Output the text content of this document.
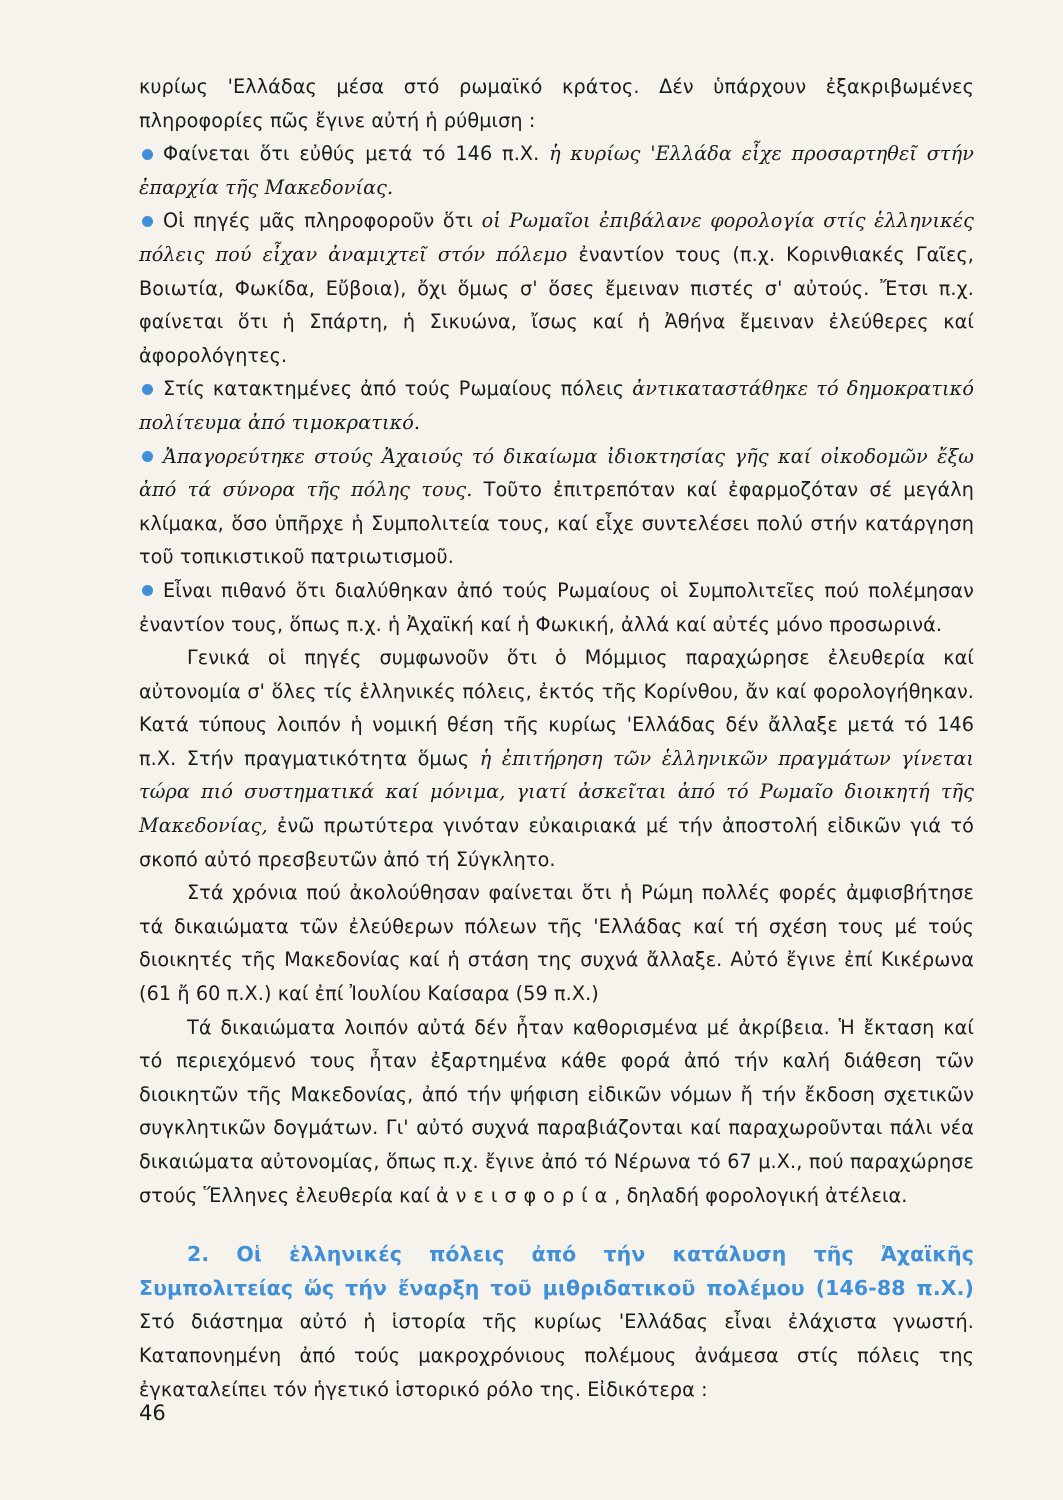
κυρίως 'Ελλάδας μέσα στό ρωμαϊκό κράτος. Δέν ὑπάρχουν ἐξακριβωμένες πληροφορίες πῶς ἔγινε αὐτή ἡ ρύθμιση :

Φαίνεται ὅτι εὐθύς μετά τό 146 π.Χ. ἡ κυρίως 'Ελλάδα εἶχε προσαρτηθεῖ στήν ἐπαρχία τῆς Μακεδονίας.

Οἱ πηγές μᾶς πληροφοροῦν ὅτι οἱ Ρωμαῖοι ἐπιβάλανε φορολογία στίς ἑλληνικές πόλεις πού εἶχαν ἀναμιχτεῖ στόν πόλεμο ἐναντίον τους (π.χ. Κορινθιακές Γαῖες, Βοιωτία, Φωκίδα, Εὔβοια), ὄχι ὅμως σ' ὅσες ἔμειναν πιστές σ' αὐτούς. Ἔτσι π.χ. φαίνεται ὅτι ἡ Σπάρτη, ἡ Σικυώνα, ἴσως καί ἡ Ἀθήνα ἔμειναν ἐλεύθερες καί ἀφορολόγητες.

Στίς κατακτημένες ἀπό τούς Ρωμαίους πόλεις ἀντικαταστάθηκε τό δημοκρατικό πολίτευμα ἀπό τιμοκρατικό.

Ἀπαγορεύτηκε στούς Ἀχαιούς τό δικαίωμα ἰδιοκτησίας γῆς καί οἰκοδομῶν ἔξω ἀπό τά σύνορα τῆς πόλης τους. Τοῦτο ἐπιτρεπόταν καί ἐφαρμοζόταν σέ μεγάλη κλίμακα, ὅσο ὑπῆρχε ἡ Συμπολιτεία τους, καί εἶχε συντελέσει πολύ στήν κατάργηση τοῦ τοπικιστικοῦ πατριωτισμοῦ.

Εἶναι πιθανό ὅτι διαλύθηκαν ἀπό τούς Ρωμαίους οἱ Συμπολιτεῖες πού πολέμησαν ἐναντίον τους, ὅπως π.χ. ἡ Ἀχαϊκή καί ἡ Φωκική, ἀλλά καί αὐτές μόνο προσωρινά.

Γενικά οἱ πηγές συμφωνοῦν ὅτι ὁ Μόμμιος παραχώρησε ἐλευθερία καί αὐτονομία σ' ὅλες τίς ἑλληνικές πόλεις, ἐκτός τῆς Κορίνθου, ἄν καί φορολογήθηκαν. Κατά τύπους λοιπόν ἡ νομική θέση τῆς κυρίως 'Ελλάδας δέν ἄλλαξε μετά τό 146 π.Χ. Στήν πραγματικότητα ὅμως ἡ ἐπιτήρηση τῶν ἑλληνικῶν πραγμάτων γίνεται τώρα πιό συστηματικά καί μόνιμα, γιατί ἀσκεῖται ἀπό τό Ρωμαῖο διοικητή τῆς Μακεδονίας, ἐνῶ πρωτύτερα γινόταν εὐκαιριακά μέ τήν ἀποστολή εἰδικῶν γιά τό σκοπό αὐτό πρεσβευτῶν ἀπό τή Σύγκλητο.

Στά χρόνια πού ἀκολούθησαν φαίνεται ὅτι ἡ Ρώμη πολλές φορές ἀμφισβήτησε τά δικαιώματα τῶν ἐλεύθερων πόλεων τῆς 'Ελλάδας καί τή σχέση τους μέ τούς διοικητές τῆς Μακεδονίας καί ἡ στάση της συχνά ἄλλαξε. Αὐτό ἔγινε ἐπί Κικέρωνα (61 ἤ 60 π.Χ.) καί ἐπί Ἰουλίου Καίσαρα (59 π.Χ.)

Τά δικαιώματα λοιπόν αὐτά δέν ἦταν καθορισμένα μέ ἀκρίβεια. Ἡ ἔκταση καί τό περιεχόμενό τους ἦταν ἐξαρτημένα κάθε φορά ἀπό τήν καλή διάθεση τῶν διοικητῶν τῆς Μακεδονίας, ἀπό τήν ψήφιση εἰδικῶν νόμων ἤ τήν ἔκδοση σχετικῶν συγκλητικῶν δογμάτων. Γι' αὐτό συχνά παραβιάζονται καί παραχωροῦνται πάλι νέα δικαιώματα αὐτονομίας, ὅπως π.χ. ἔγινε ἀπό τό Νέρωνα τό 67 μ.Χ., πού παραχώρησε στούς Ἕλληνες ἐλευθερία καί ἀνεισφορία, δηλαδή φορολογική ἀτέλεια.

2. Οἱ ἑλληνικές πόλεις ἀπό τήν κατάλυση τῆς Ἀχαϊκῆς Συμπολιτείας ὥς τήν ἔναρξη τοῦ μιθριδατικοῦ πολέμου (146-88 π.Χ.) Στό διάστημα αὐτό ἡ ἱστορία τῆς κυρίως 'Ελλάδας εἶναι ἐλάχιστα γνωστή. Καταπονημένη ἀπό τούς μακροχρόνιους πολέμους ἀνάμεσα στίς πόλεις της ἐγκαταλείπει τόν ἡγετικό ἱστορικό ρόλο της. Εἰδικότερα :

46
